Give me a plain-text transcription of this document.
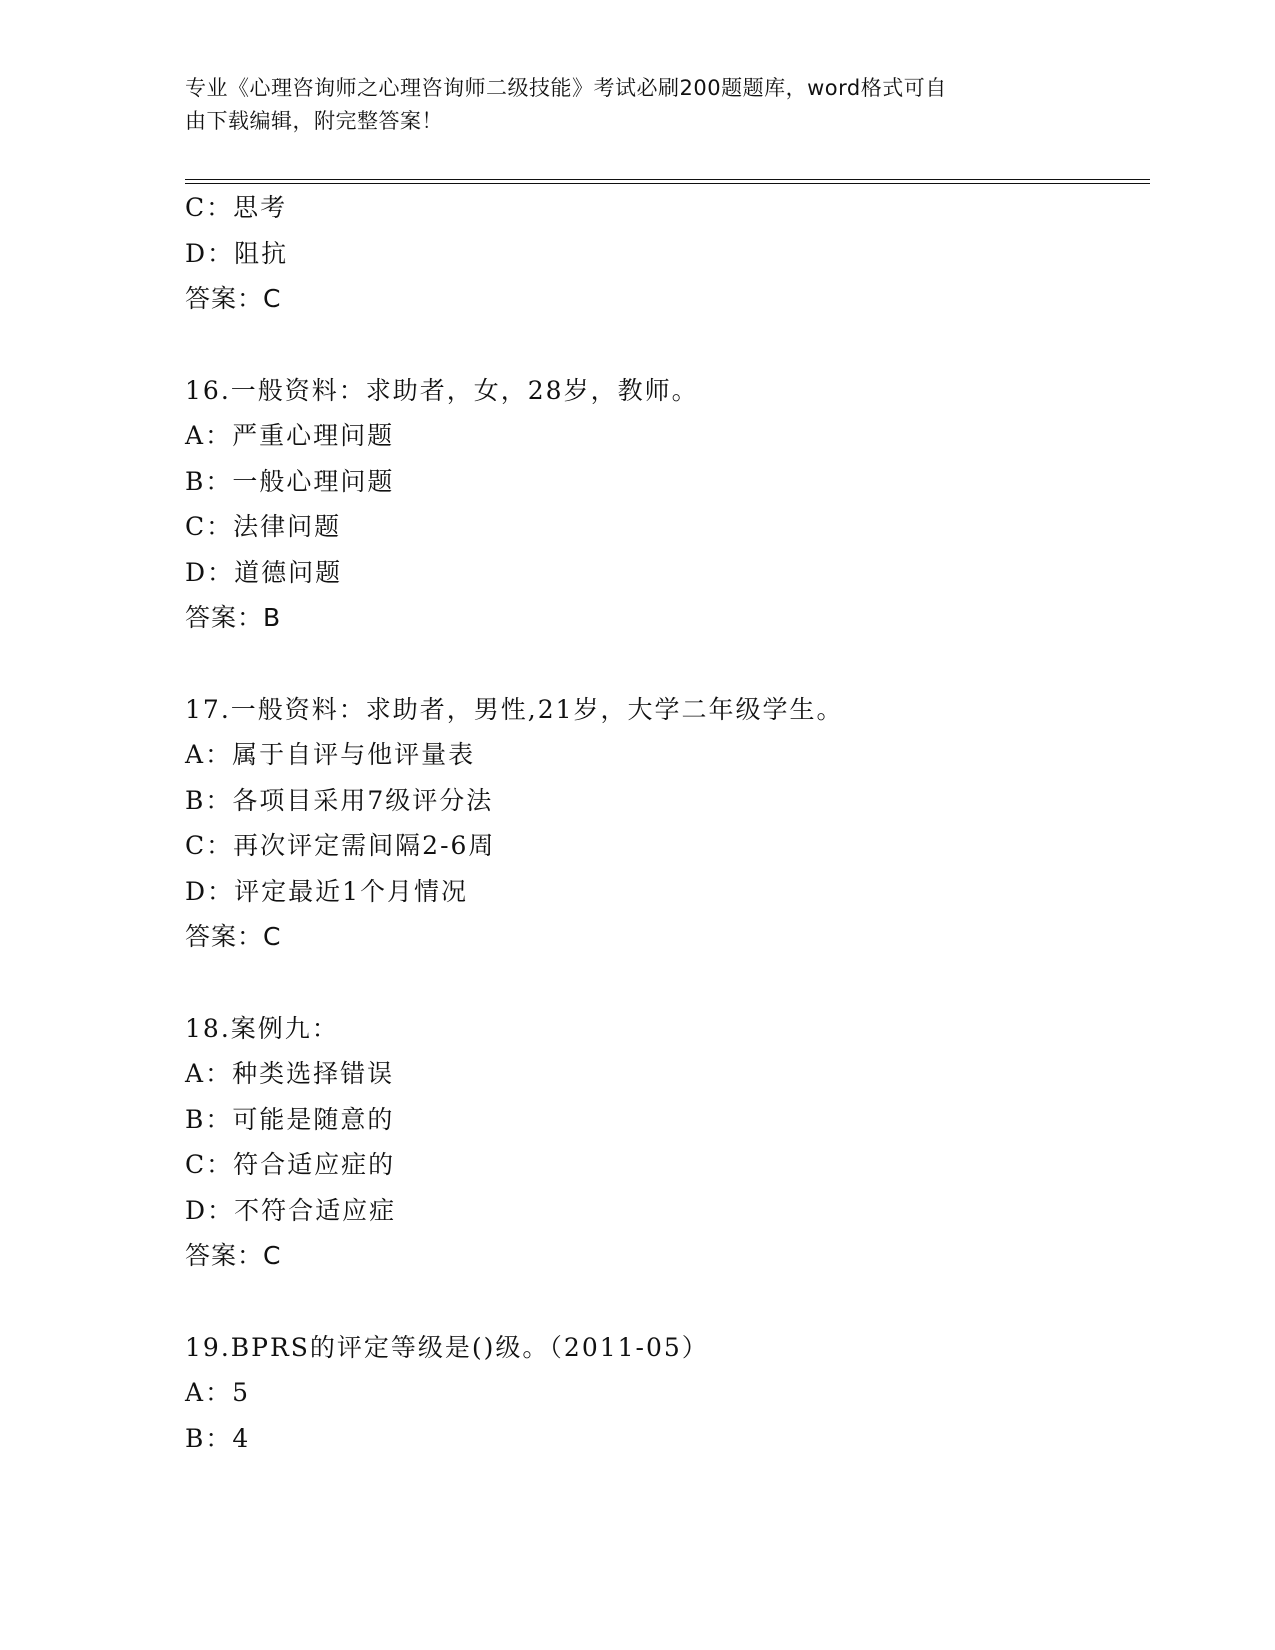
专业《心理咨询师之心理咨询师二级技能》考试必刷200题题库，word格式可自
由下载编辑，附完整答案！
C：思考
D：阻抗
答案：C
16.一般资料：求助者，女，28岁，教师。
A：严重心理问题
B：一般心理问题
C：法律问题
D：道德问题
答案：B
17.一般资料：求助者，男性,21岁，大学二年级学生。
A：属于自评与他评量表
B：各项目采用7级评分法
C：再次评定需间隔2-6周
D：评定最近1个月情况
答案：C
18.案例九：
A：种类选择错误
B：可能是随意的
C：符合适应症的
D：不符合适应症
答案：C
19.BPRS的评定等级是()级。（2011-05）
A：5
B：4
